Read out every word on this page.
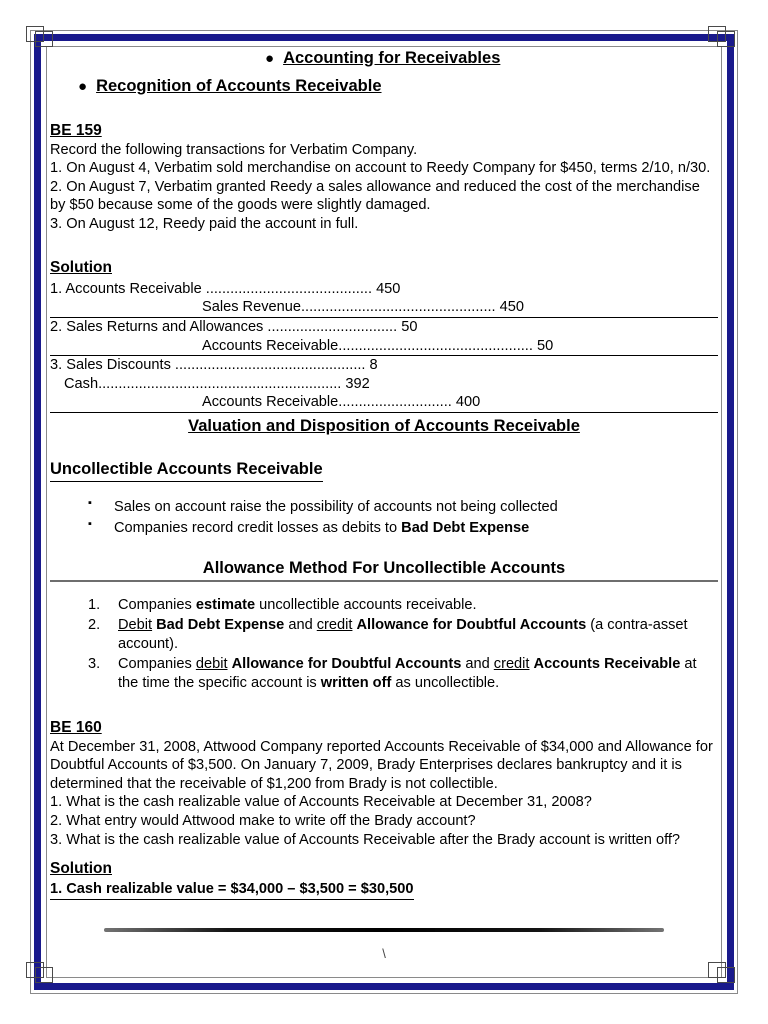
● Accounting for Receivables
● Recognition of Accounts Receivable
BE 159

Record the following transactions for Verbatim Company.

1. On August 4, Verbatim sold merchandise on account to Reedy Company for $450, terms 2/10, n/30.

2. On August 7, Verbatim granted Reedy a sales allowance and reduced the cost of the merchandise by $50 because some of the goods were slightly damaged.

3. On August 12, Reedy paid the account in full.

Solution
1. Accounts Receivable ......................................... 450
Sales Revenue................................................ 450
2. Sales Returns and Allowances ................................ 50
Accounts Receivable................................................ 50
3. Sales Discounts ............................................... 8
Cash............................................................ 392
Accounts Receivable............................ 400

Valuation and Disposition of Accounts Receivable

Uncollectible Accounts Receivable
▪ Sales on account raise the possibility of accounts not being collected
▪ Companies record credit losses as debits to Bad Debt Expense

Allowance Method For Uncollectible Accounts

Companies estimate uncollectible accounts receivable.
Debit Bad Debt Expense and credit Allowance for Doubtful Accounts (a contra-asset account).
Companies debit Allowance for Doubtful Accounts and credit Accounts Receivable at the time the specific account is written off as uncollectible.
BE 160

At December 31, 2008, Attwood Company reported Accounts Receivable of $34,000 and Allowance for Doubtful Accounts of $3,500. On January 7, 2009, Brady Enterprises declares bankruptcy and it is determined that the receivable of $1,200 from Brady is not collectible.

1. What is the cash realizable value of Accounts Receivable at December 31, 2008?

2. What entry would Attwood make to write off the Brady account?

3. What is the cash realizable value of Accounts Receivable after the Brady account is written off?

Solution
1. Cash realizable value = $34,000 – $3,500 = $30,500
\
